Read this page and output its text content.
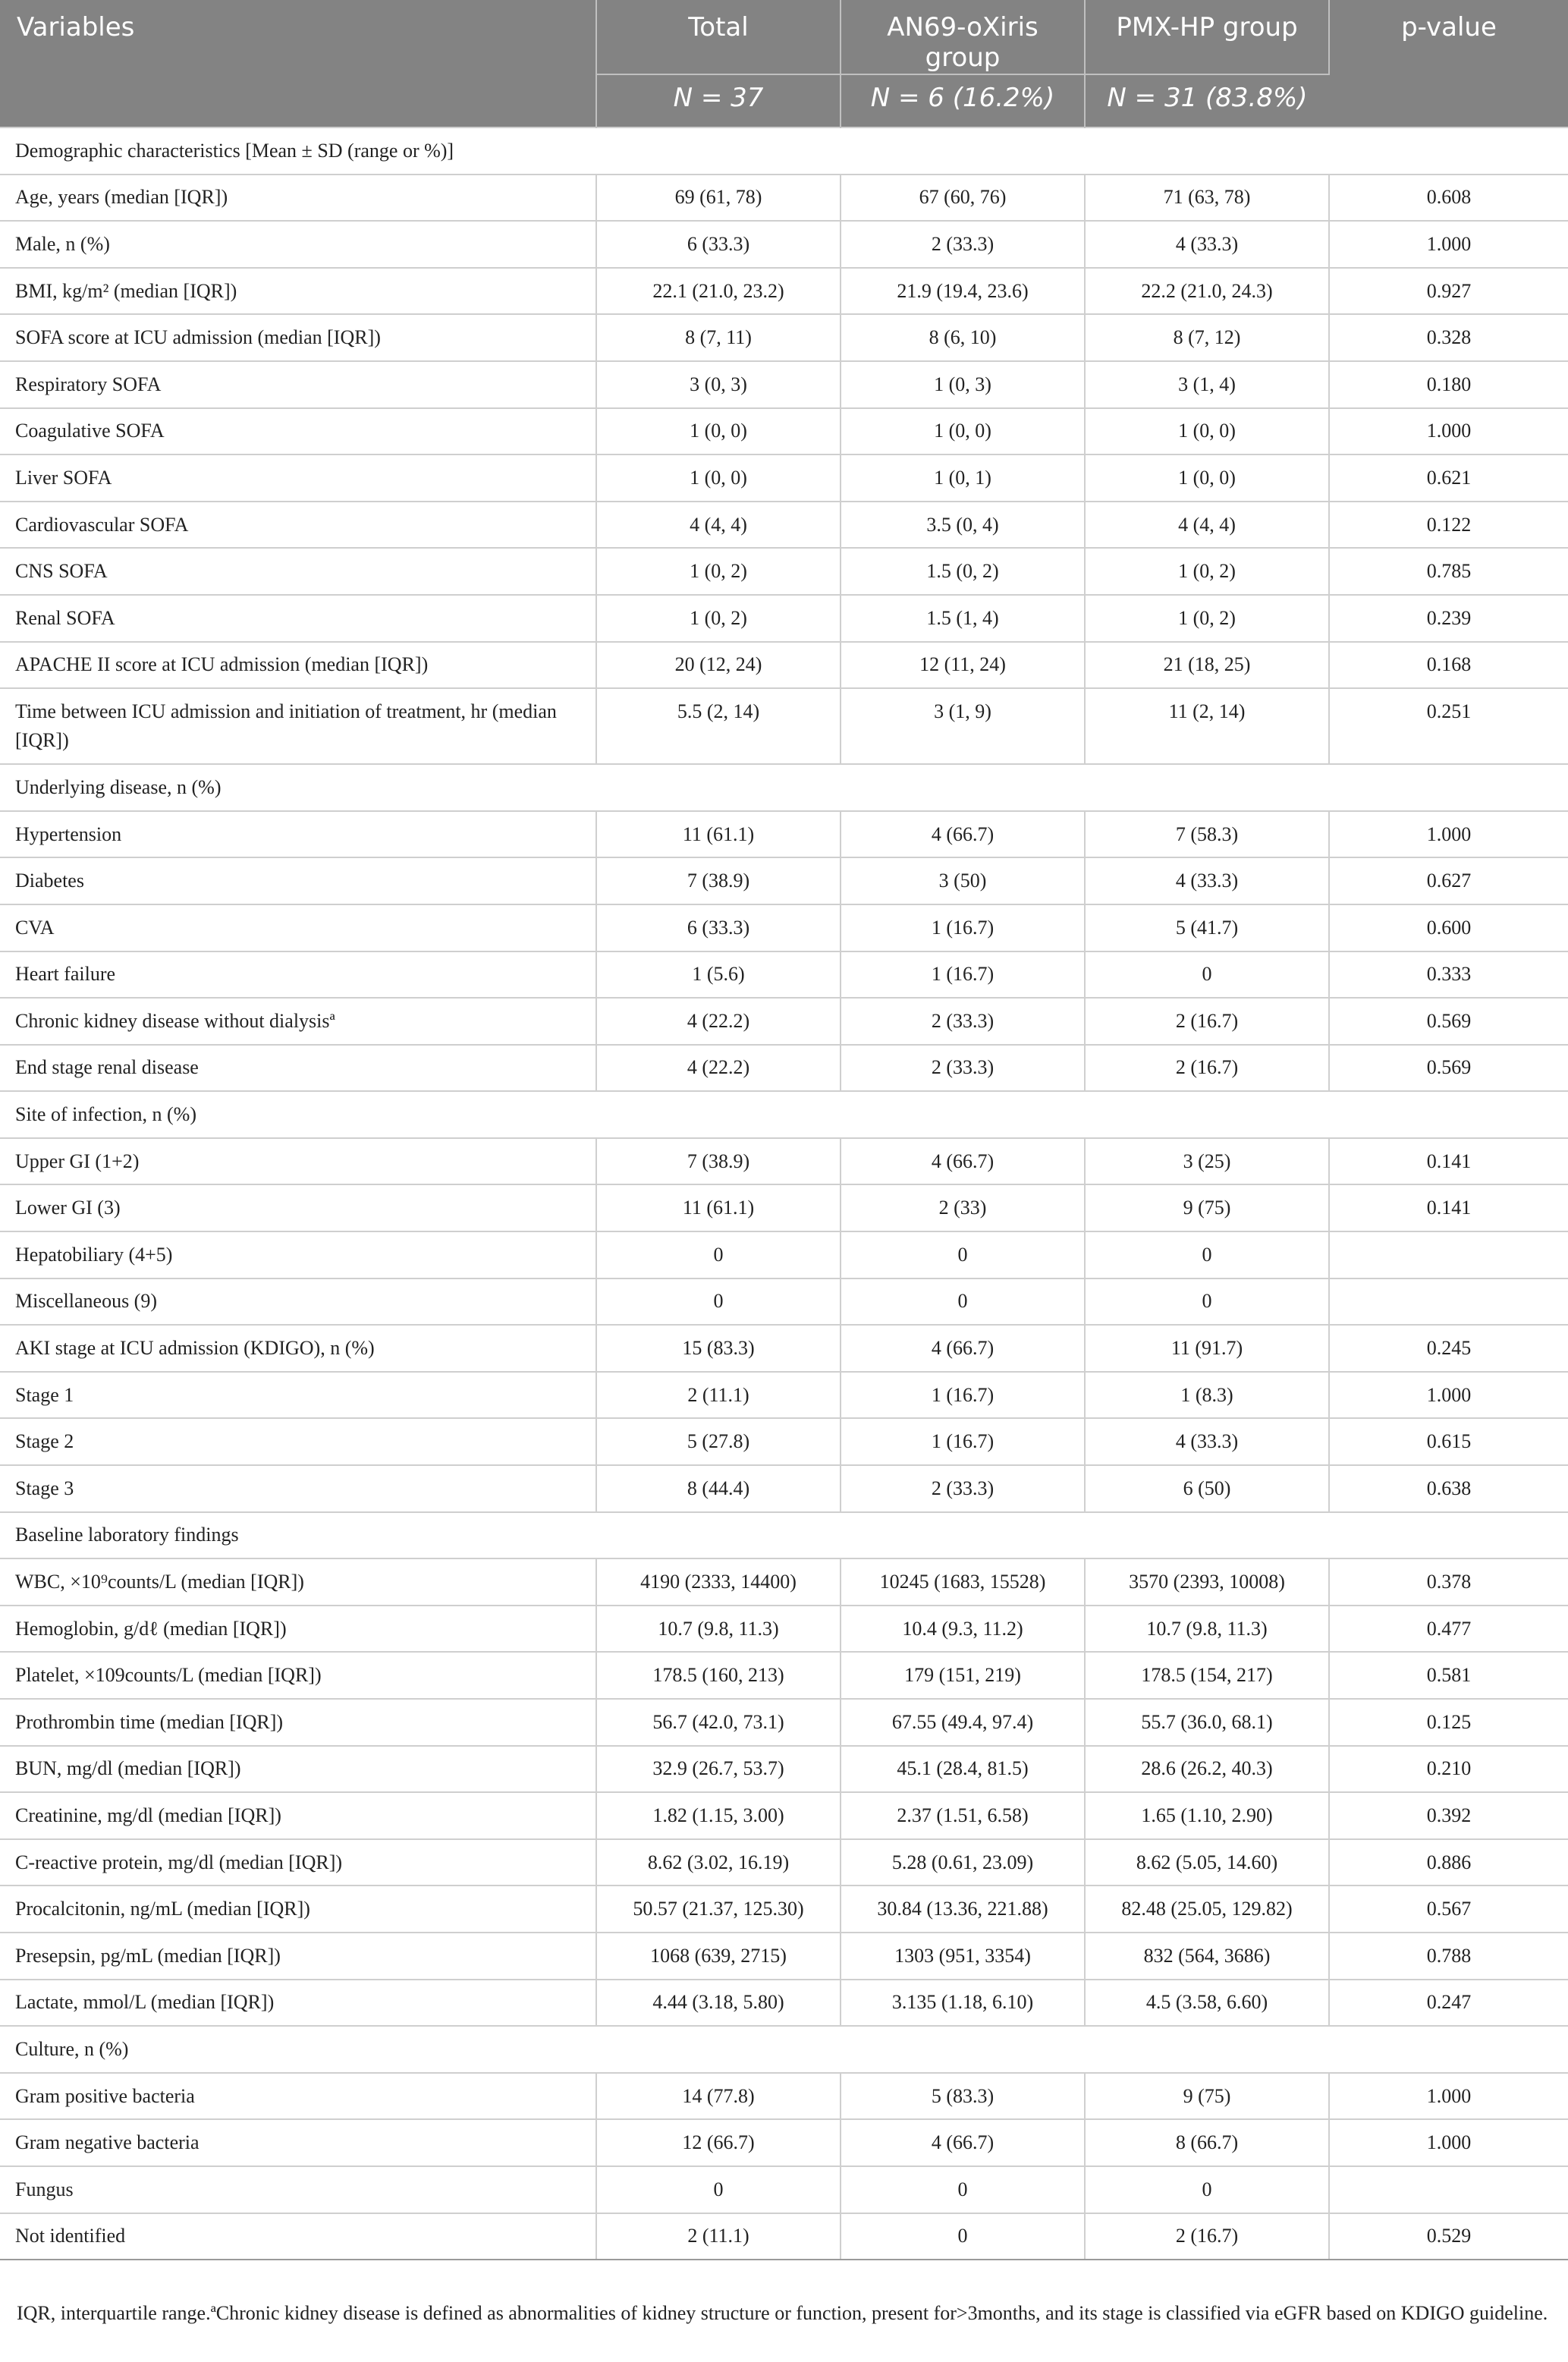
Variables	Total	AN69-oXiris group	PMX-HP group	p-value
	N = 37	N = 6 (16.2%)	N = 31 (83.8%)	
Demographic characteristics [Mean ± SD (range or %)]				
Age, years (median [IQR])	69 (61, 78)	67 (60, 76)	71 (63, 78)	0.608
Male, n (%)	6 (33.3)	2 (33.3)	4 (33.3)	1.000
BMI, kg/m² (median [IQR])	22.1 (21.0, 23.2)	21.9 (19.4, 23.6)	22.2 (21.0, 24.3)	0.927
SOFA score at ICU admission (median [IQR])	8 (7, 11)	8 (6, 10)	8 (7, 12)	0.328
Respiratory SOFA	3 (0, 3)	1 (0, 3)	3 (1, 4)	0.180
Coagulative SOFA	1 (0, 0)	1 (0, 0)	1 (0, 0)	1.000
Liver SOFA	1 (0, 0)	1 (0, 1)	1 (0, 0)	0.621
Cardiovascular SOFA	4 (4, 4)	3.5 (0, 4)	4 (4, 4)	0.122
CNS SOFA	1 (0, 2)	1.5 (0, 2)	1 (0, 2)	0.785
Renal SOFA	1 (0, 2)	1.5 (1, 4)	1 (0, 2)	0.239
APACHE II score at ICU admission (median [IQR])	20 (12, 24)	12 (11, 24)	21 (18, 25)	0.168
Time between ICU admission and initiation of treatment, hr (median [IQR])	5.5 (2, 14)	3 (1, 9)	11 (2, 14)	0.251
Underlying disease, n (%)				
Hypertension	11 (61.1)	4 (66.7)	7 (58.3)	1.000
Diabetes	7 (38.9)	3 (50)	4 (33.3)	0.627
CVA	6 (33.3)	1 (16.7)	5 (41.7)	0.600
Heart failure	1 (5.6)	1 (16.7)	0	0.333
Chronic kidney disease without dialysisª	4 (22.2)	2 (33.3)	2 (16.7)	0.569
End stage renal disease	4 (22.2)	2 (33.3)	2 (16.7)	0.569
Site of infection, n (%)				
Upper GI (1+2)	7 (38.9)	4 (66.7)	3 (25)	0.141
Lower GI (3)	11 (61.1)	2 (33)	9 (75)	0.141
Hepatobiliary (4+5)	0	0	0	
Miscellaneous (9)	0	0	0	
AKI stage at ICU admission (KDIGO), n (%)	15 (83.3)	4 (66.7)	11 (91.7)	0.245
Stage 1	2 (11.1)	1 (16.7)	1 (8.3)	1.000
Stage 2	5 (27.8)	1 (16.7)	4 (33.3)	0.615
Stage 3	8 (44.4)	2 (33.3)	6 (50)	0.638
Baseline laboratory findings				
WBC, ×10⁹counts/L (median [IQR])	4190 (2333, 14400)	10245 (1683, 15528)	3570 (2393, 10008)	0.378
Hemoglobin, g/dℓ (median [IQR])	10.7 (9.8, 11.3)	10.4 (9.3, 11.2)	10.7 (9.8, 11.3)	0.477
Platelet, ×109counts/L (median [IQR])	178.5 (160, 213)	179 (151, 219)	178.5 (154, 217)	0.581
Prothrombin time (median [IQR])	56.7 (42.0, 73.1)	67.55 (49.4, 97.4)	55.7 (36.0, 68.1)	0.125
BUN, mg/dl (median [IQR])	32.9 (26.7, 53.7)	45.1 (28.4, 81.5)	28.6 (26.2, 40.3)	0.210
Creatinine, mg/dl (median [IQR])	1.82 (1.15, 3.00)	2.37 (1.51, 6.58)	1.65 (1.10, 2.90)	0.392
C-reactive protein, mg/dl (median [IQR])	8.62 (3.02, 16.19)	5.28 (0.61, 23.09)	8.62 (5.05, 14.60)	0.886
Procalcitonin, ng/mL (median [IQR])	50.57 (21.37, 125.30)	30.84 (13.36, 221.88)	82.48 (25.05, 129.82)	0.567
Presepsin, pg/mL (median [IQR])	1068 (639, 2715)	1303 (951, 3354)	832 (564, 3686)	0.788
Lactate, mmol/L (median [IQR])	4.44 (3.18, 5.80)	3.135 (1.18, 6.10)	4.5 (3.58, 6.60)	0.247
Culture, n (%)				
Gram positive bacteria	14 (77.8)	5 (83.3)	9 (75)	1.000
Gram negative bacteria	12 (66.7)	4 (66.7)	8 (66.7)	1.000
Fungus	0	0	0	
Not identified	2 (11.1)	0	2 (16.7)	0.529
IQR, interquartile range.ªChronic kidney disease is defined as abnormalities of kidney structure or function, present for>3months, and its stage is classified via eGFR based on KDIGO guideline.
